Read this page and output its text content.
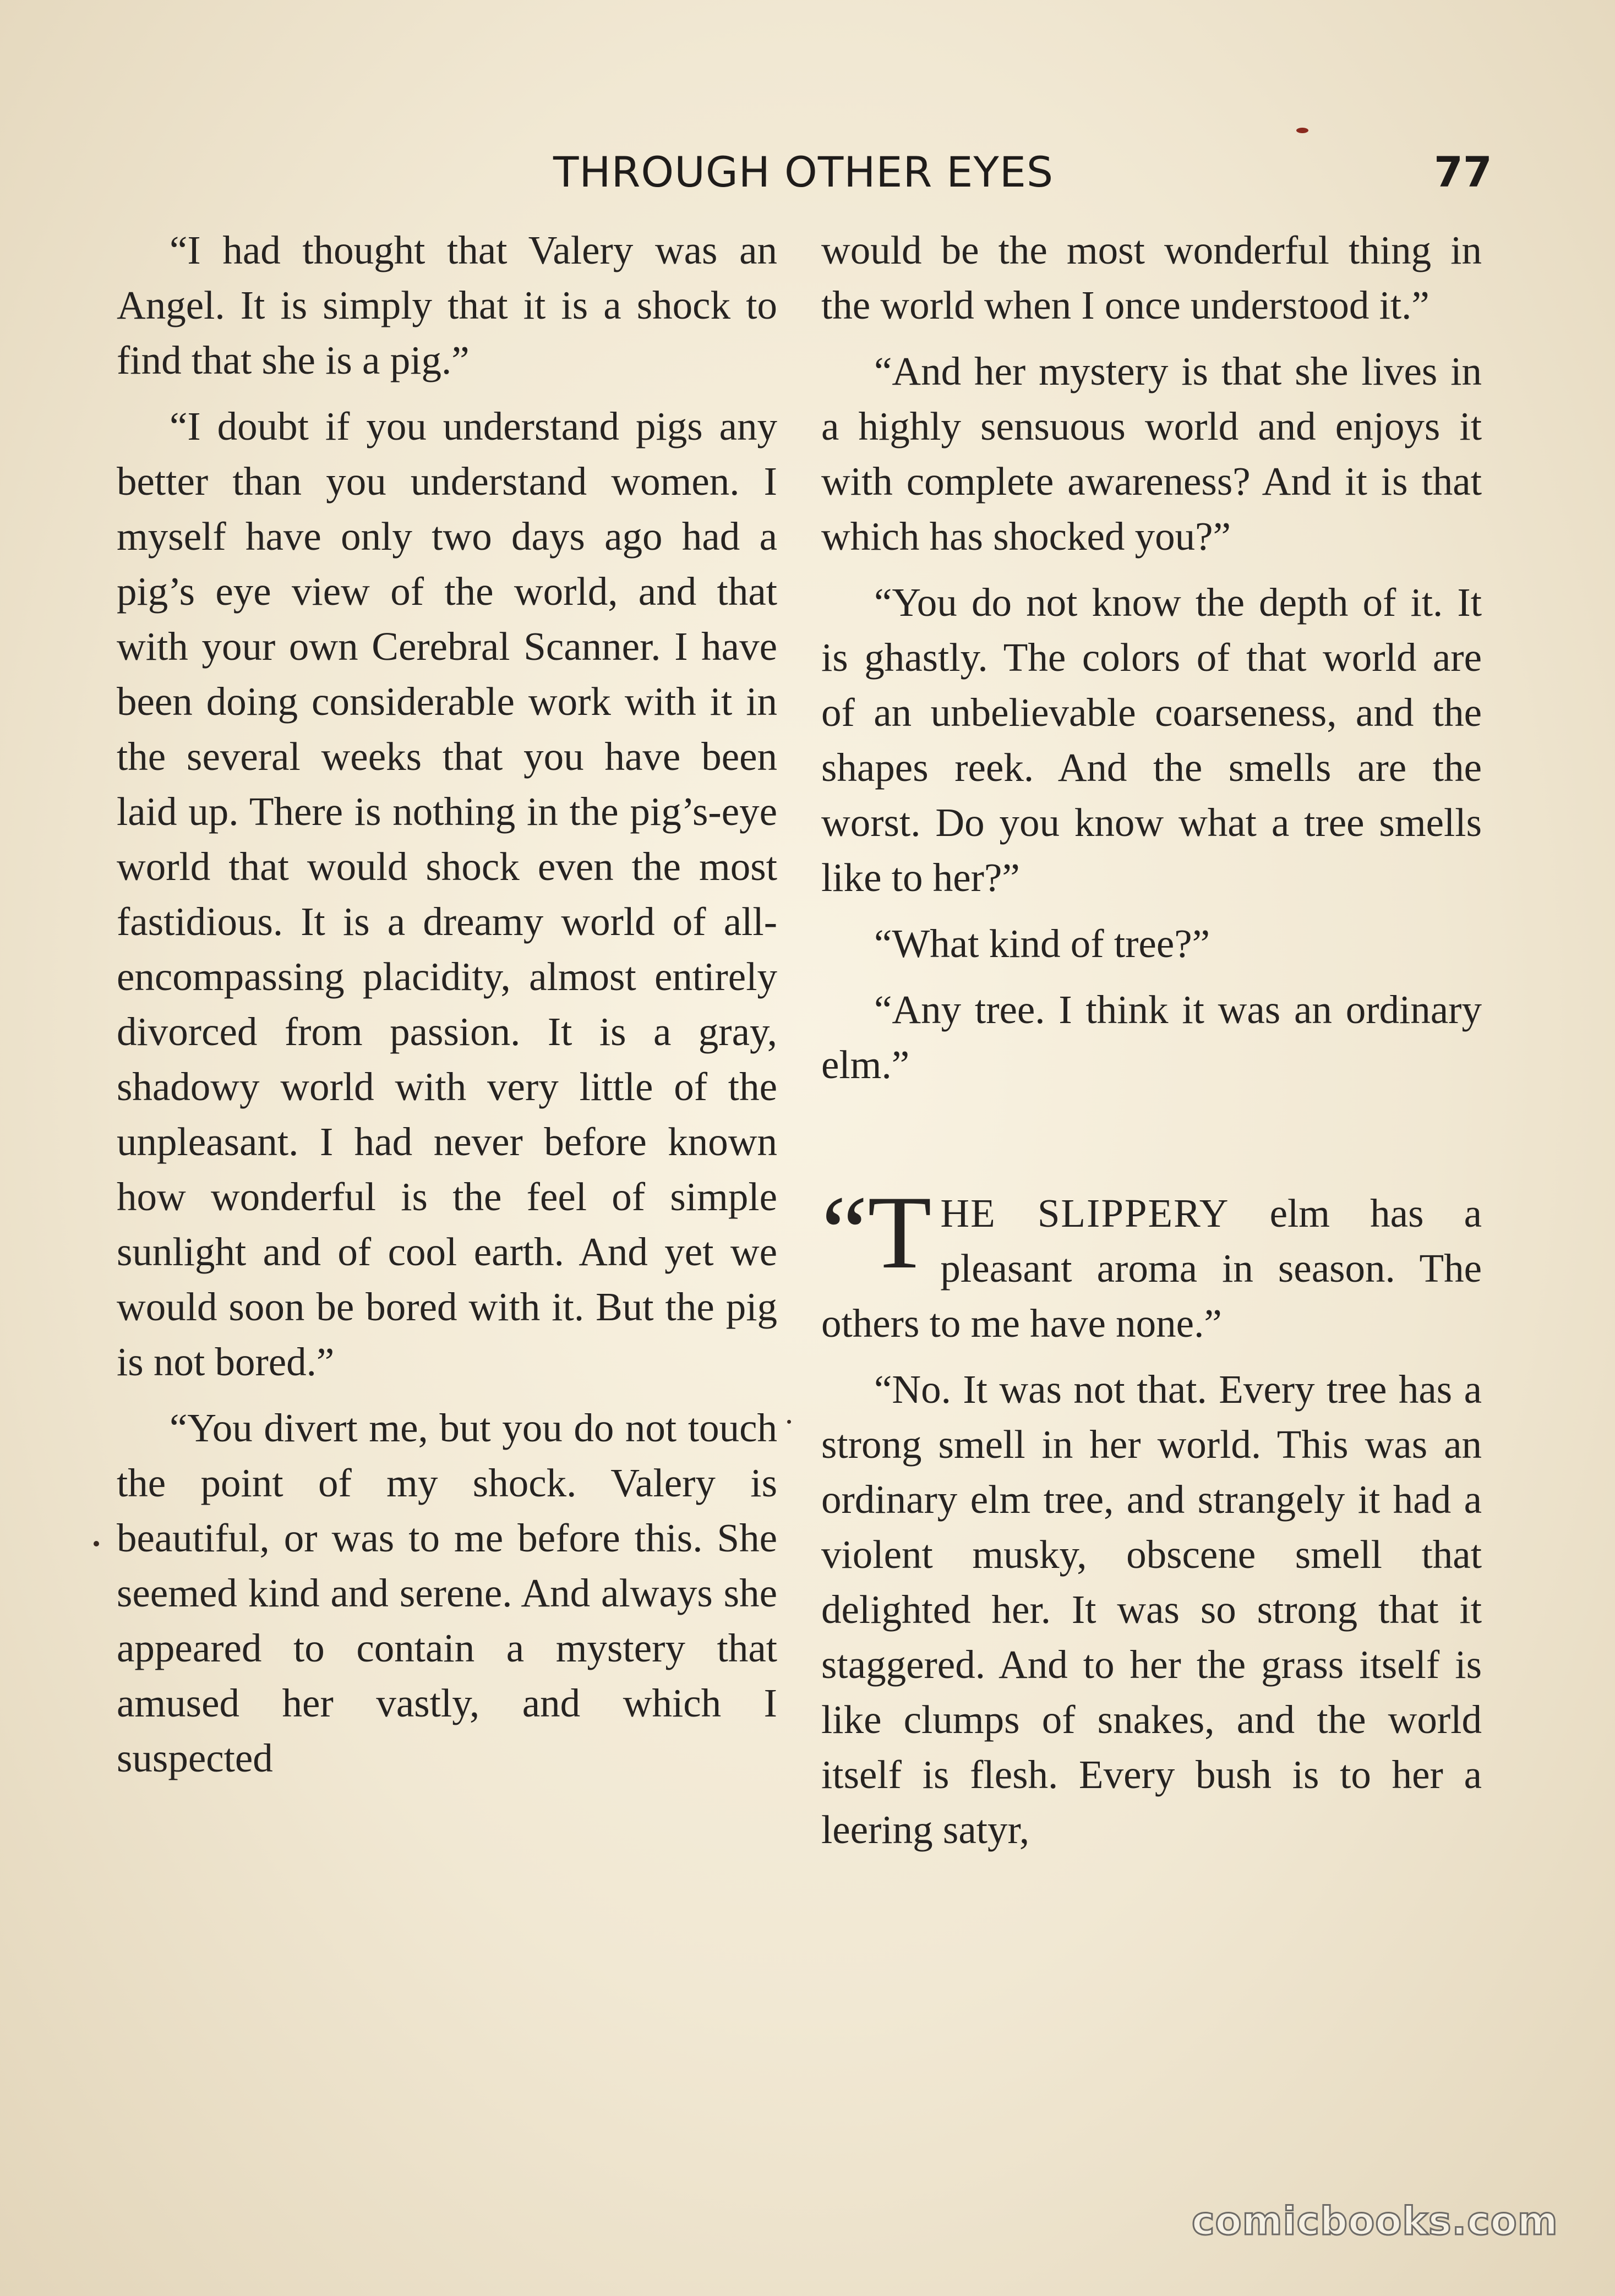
THROUGH OTHER EYES	77

“I had thought that Valery was an Angel. It is simply that it is a shock to find that she is a pig.”

“I doubt if you understand pigs any better than you understand women. I myself have only two days ago had a pig’s eye view of the world, and that with your own Cerebral Scanner. I have been doing considerable work with it in the several weeks that you have been laid up. There is nothing in the pig’s-eye world that would shock even the most fastidious. It is a dreamy world of all-encompassing placidity, almost entirely divorced from passion. It is a gray, shadowy world with very little of the unpleasant. I had never before known how wonderful is the feel of simple sunlight and of cool earth. And yet we would soon be bored with it. But the pig is not bored.”

“You divert me, but you do not touch the point of my shock. Valery is beautiful, or was to me before this. She seemed kind and serene. And always she appeared to contain a mystery that amused her vastly, and which I suspected

would be the most wonderful thing in the world when I once understood it.”

“And her mystery is that she lives in a highly sensuous world and enjoys it with complete awareness? And it is that which has shocked you?”

“You do not know the depth of it. It is ghastly. The colors of that world are of an unbelievable coarseness, and the shapes reek. And the smells are the worst. Do you know what a tree smells like to her?”

“What kind of tree?”

“Any tree. I think it was an ordinary elm.”

“T HE SLIPPERY elm has a pleasant aroma in season. The others to me have none.”

“No. It was not that. Every tree has a strong smell in her world. This was an ordinary elm tree, and strangely it had a violent musky, obscene smell that delighted her. It was so strong that it staggered. And to her the grass itself is like clumps of snakes, and the world itself is flesh. Every bush is to her a leering satyr,

comicbooks.com
